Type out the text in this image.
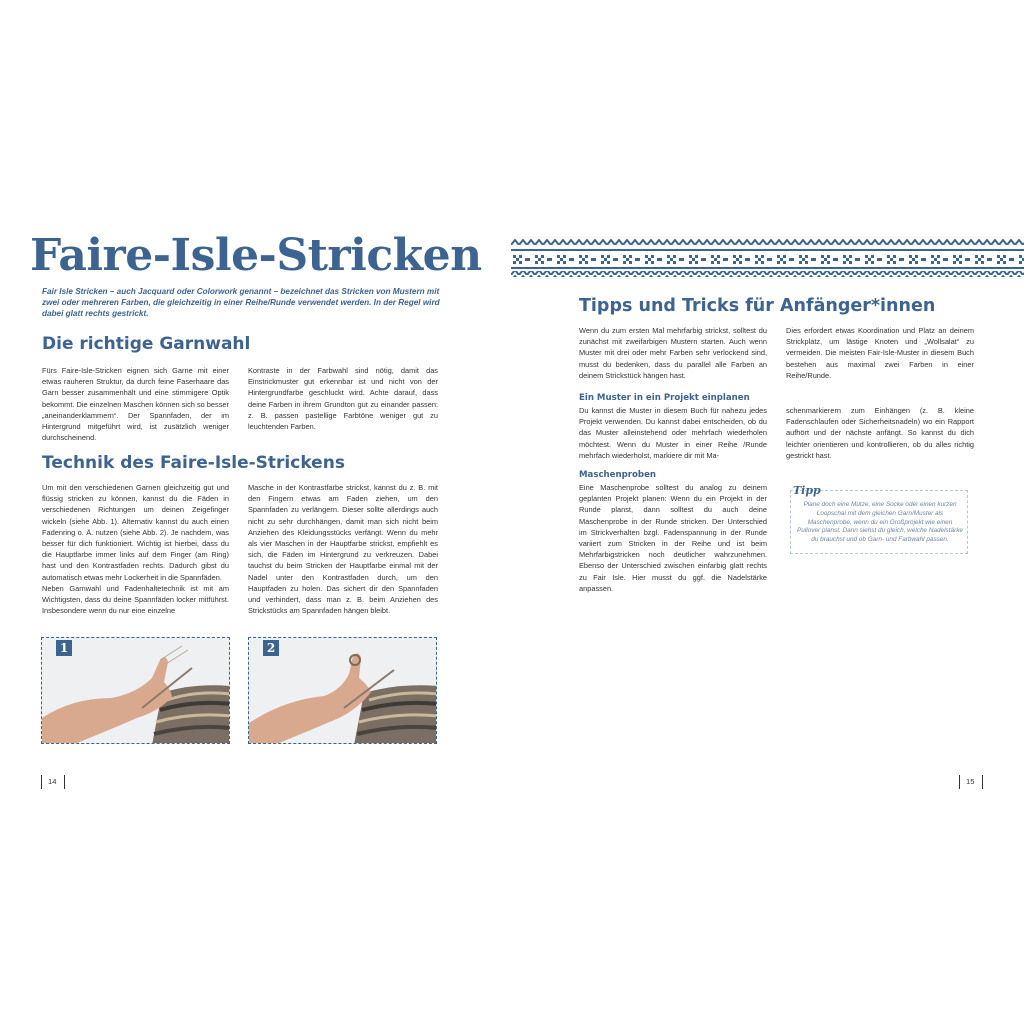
Faire-Isle-Stricken

Fair Isle Stricken – auch Jacquard oder Colorwork genannt – bezeichnet das Stricken von Mustern mit zwei oder mehreren Farben, die gleichzeitig in einer Reihe/Runde verwendet werden. In der Regel wird dabei glatt rechts gestrickt.

Die richtige Garnwahl

Fürs Faire-Isle-Stricken eignen sich Garne mit einer etwas rauheren Struktur, da durch feine Faserhaare das Garn besser zusammenhält und eine stimmigere Optik bekommt. Die einzelnen Maschen können sich so besser „aneinanderklammern“. Der Spannfaden, der im Hintergrund mitgeführt wird, ist zusätzlich weniger durchscheinend.

Kontraste in der Farbwahl sind nötig, damit das Einstrickmuster gut erkennbar ist und nicht von der Hintergrundfarbe geschluckt wird. Achte darauf, dass deine Farben in ihrem Grundton gut zu einander passen: z. B. passen pastellige Farbtöne weniger gut zu leuchtenden Farben.

Technik des Faire-Isle-Strickens

Um mit den verschiedenen Garnen gleichzeitig gut und flüssig stricken zu können, kannst du die Fäden in verschiedenen Richtungen um deinen Zeigefinger wickeln (siehe Abb. 1). Alternativ kannst du auch einen Fadenring o. Ä. nutzen (siehe Abb. 2). Je nachdem, was besser für dich funktioniert. Wichtig ist hierbei, dass du die Hauptfarbe immer links auf dem Finger (am Ring) hast und den Kontrastfaden rechts. Dadurch gibst du automatisch etwas mehr Lockerheit in die Spannfäden.

Neben Garnwahl und Fadenhaltetechnik ist mit am Wichtigsten, dass du deine Spannfäden locker mitführst. Insbesondere wenn du nur eine einzelne

Masche in der Kontrastfarbe strickst, kannst du z. B. mit den Fingern etwas am Faden ziehen, um den Spannfaden zu verlängern. Dieser sollte allerdings auch nicht zu sehr durchhängen, damit man sich nicht beim Anziehen des Kleidungsstücks verfängt. Wenn du mehr als vier Maschen in der Hauptfarbe strickst, empfiehlt es sich, die Fäden im Hintergrund zu verkreuzen. Dabei tauchst du beim Stricken der Hauptfarbe einmal mit der Nadel unter den Kontrastfaden durch, um den Hauptfaden zu holen. Das sichert dir den Spannfaden und verhindert, dass man z. B. beim Anziehen des Strickstücks am Spannfaden hängen bleibt.

1	2
14
Tipps und Tricks für Anfänger*innen

Wenn du zum ersten Mal mehrfarbig strickst, solltest du zunächst mit zweifarbigen Mustern starten. Auch wenn Muster mit drei oder mehr Farben sehr verlockend sind, musst du bedenken, dass du parallel alle Farben an deinem Strickstück hängen hast.

Dies erfordert etwas Koordination und Platz an deinem Strickplatz, um lästige Knoten und „Wollsalat“ zu vermeiden. Die meisten Fair-Isle-Muster in diesem Buch bestehen aus maximal zwei Farben in einer Reihe/Runde.

Ein Muster in ein Projekt einplanen

Du kannst die Muster in diesem Buch für nahezu jedes Projekt verwenden. Du kannst dabei entscheiden, ob du das Muster alleinstehend oder mehrfach wiederholen möchtest. Wenn du Muster in einer Reihe /Runde mehrfach wiederholst, markiere dir mit Ma-

schenmarkierern zum Einhängen (z. B. kleine Fadenschlaufen oder Sicherheitsnadeln) wo ein Rapport aufhört und der nächste anfängt. So kannst du dich leichter orientieren und kontrollieren, ob du alles richtig gestrickt hast.

Maschenproben

Eine Maschenprobe solltest du analog zu deinem geplanten Projekt planen: Wenn du ein Projekt in der Runde planst, dann solltest du auch deine Maschenprobe in der Runde stricken. Der Unterschied im Strickverhalten bzgl. Fadenspannung in der Runde variiert zum Stricken in der Reihe und ist beim Mehrfarbigstricken noch deutlicher wahrzunehmen. Ebenso der Unterschied zwischen einfarbig glatt rechts zu Fair Isle. Hier musst du ggf. die Nadelstärke anpassen.

Tipp

Plane doch eine Mütze, eine Socke oder einen kurzen Loopschal mit dem gleichen Garn/Muster als Maschenprobe, wenn du ein Großprojekt wie einen Pullover planst. Dann siehst du gleich, welche Nadelstärke du brauchst und ob Garn- und Farbwahl passen.

15
